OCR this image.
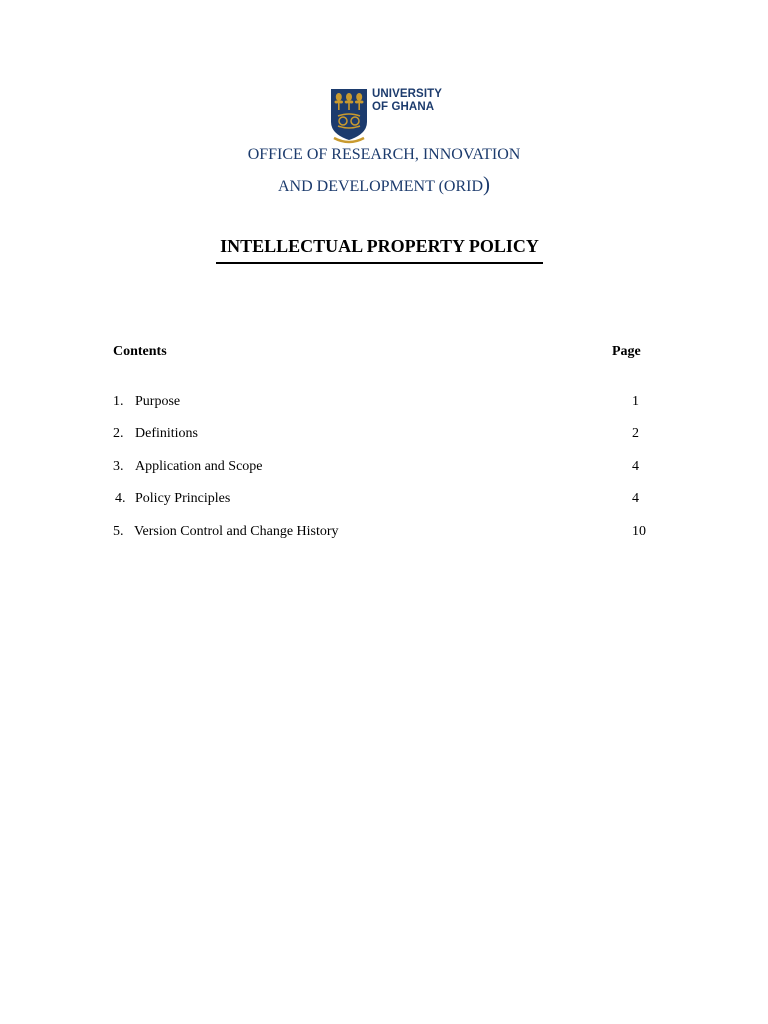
UNIVERSITY
OF GHANA
OFFICE OF RESEARCH, INNOVATION
AND DEVELOPMENT (ORID)
INTELLECTUAL PROPERTY POLICY
Contents	Page
1. Purpose	1
2. Definitions	2
3. Application and Scope	4
4. Policy Principles	4
5. Version Control and Change History	10
